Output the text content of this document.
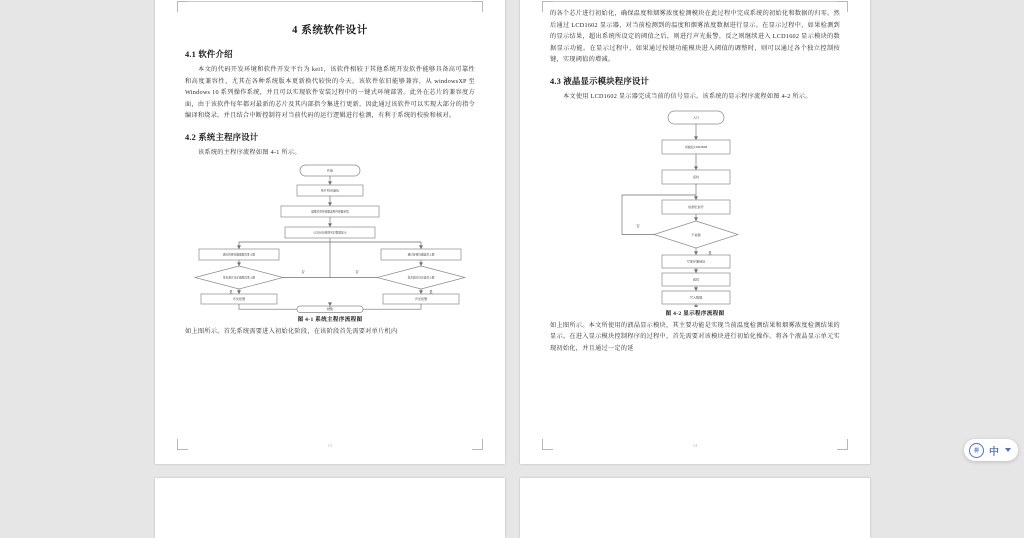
4 系统软件设计
4.1 软件介绍

本文的代码开发环境和软件开发平台为 kei1，该软件相较于其他系统开发软件能够具备高可靠性和高度兼容性，尤其在各种系统版本更新换代较快的今天，该软件依旧能够兼容，从 windowsXP 至 Windows 10 系列操作系统，并且可以实现软件安装过程中的一键式环境部署。此外在芯片的兼容度方面，由于该软件每年都对最新的芯片及其内部指令集进行更新，因此通过该软件可以实现大部分的指令编译和烧录。并且结合中断控制符对当前代码的运行逻辑进行检测，有利于系统的校验和核对。

4.2 系统主程序设计

该系统的主程序流程如图 4-1 所示。

开始
单片机初始化
烟雾浓度传感器温度传感器采集
LCD1602模块实时数据显示
通过按键设置烟雾浓度上限	通过按键设置温度上限
是否超过设定烟雾浓度上限	是否超过设定温度上限
声光报警	声光报警
结束
否	否
是	是
图 4-1 系统主程序流程图

如上图所示。首先系统需要进入初始化阶段，在该阶段首先需要对单片机内

13

的各个芯片进行初始化，确保温度和烟雾浓度检测模块在此过程中完成系统的初始化和数据的归零。然后通过 LCD1602 显示器，对当前检测到的温度和烟雾浓度数据进行显示。在显示过程中，如果检测到的显示结果，超出系统所设定的阈值之后，则进行声光报警，反之则继续进入 LCD1602 显示模块的数据显示功能。在显示过程中，如果通过按键功能模块进入阈值的调整时，则可以通过各个独立控制按键，实现阈值的增减。

4.3 液晶显示模块程序设计

本文使用 LCD1602 显示器完成当前的信号显示。该系统的显示程序流程如图 4-2 所示。

入口
初始化LCD1602
延时
检测忙信号
不检测
写寄存器地址
延时
写入数据
否
是
图 4-2 显示程序流程图

如上图所示。本文所使用的液晶显示模块，其主要功能是实现当前温度检测结果和烟雾浓度检测结果的显示。在进入显示模块控制程序的过程中，首先需要对该模块进行初始化操作。将各个液晶显示单元实现初始化，并且通过一定的延

14
拼	中
